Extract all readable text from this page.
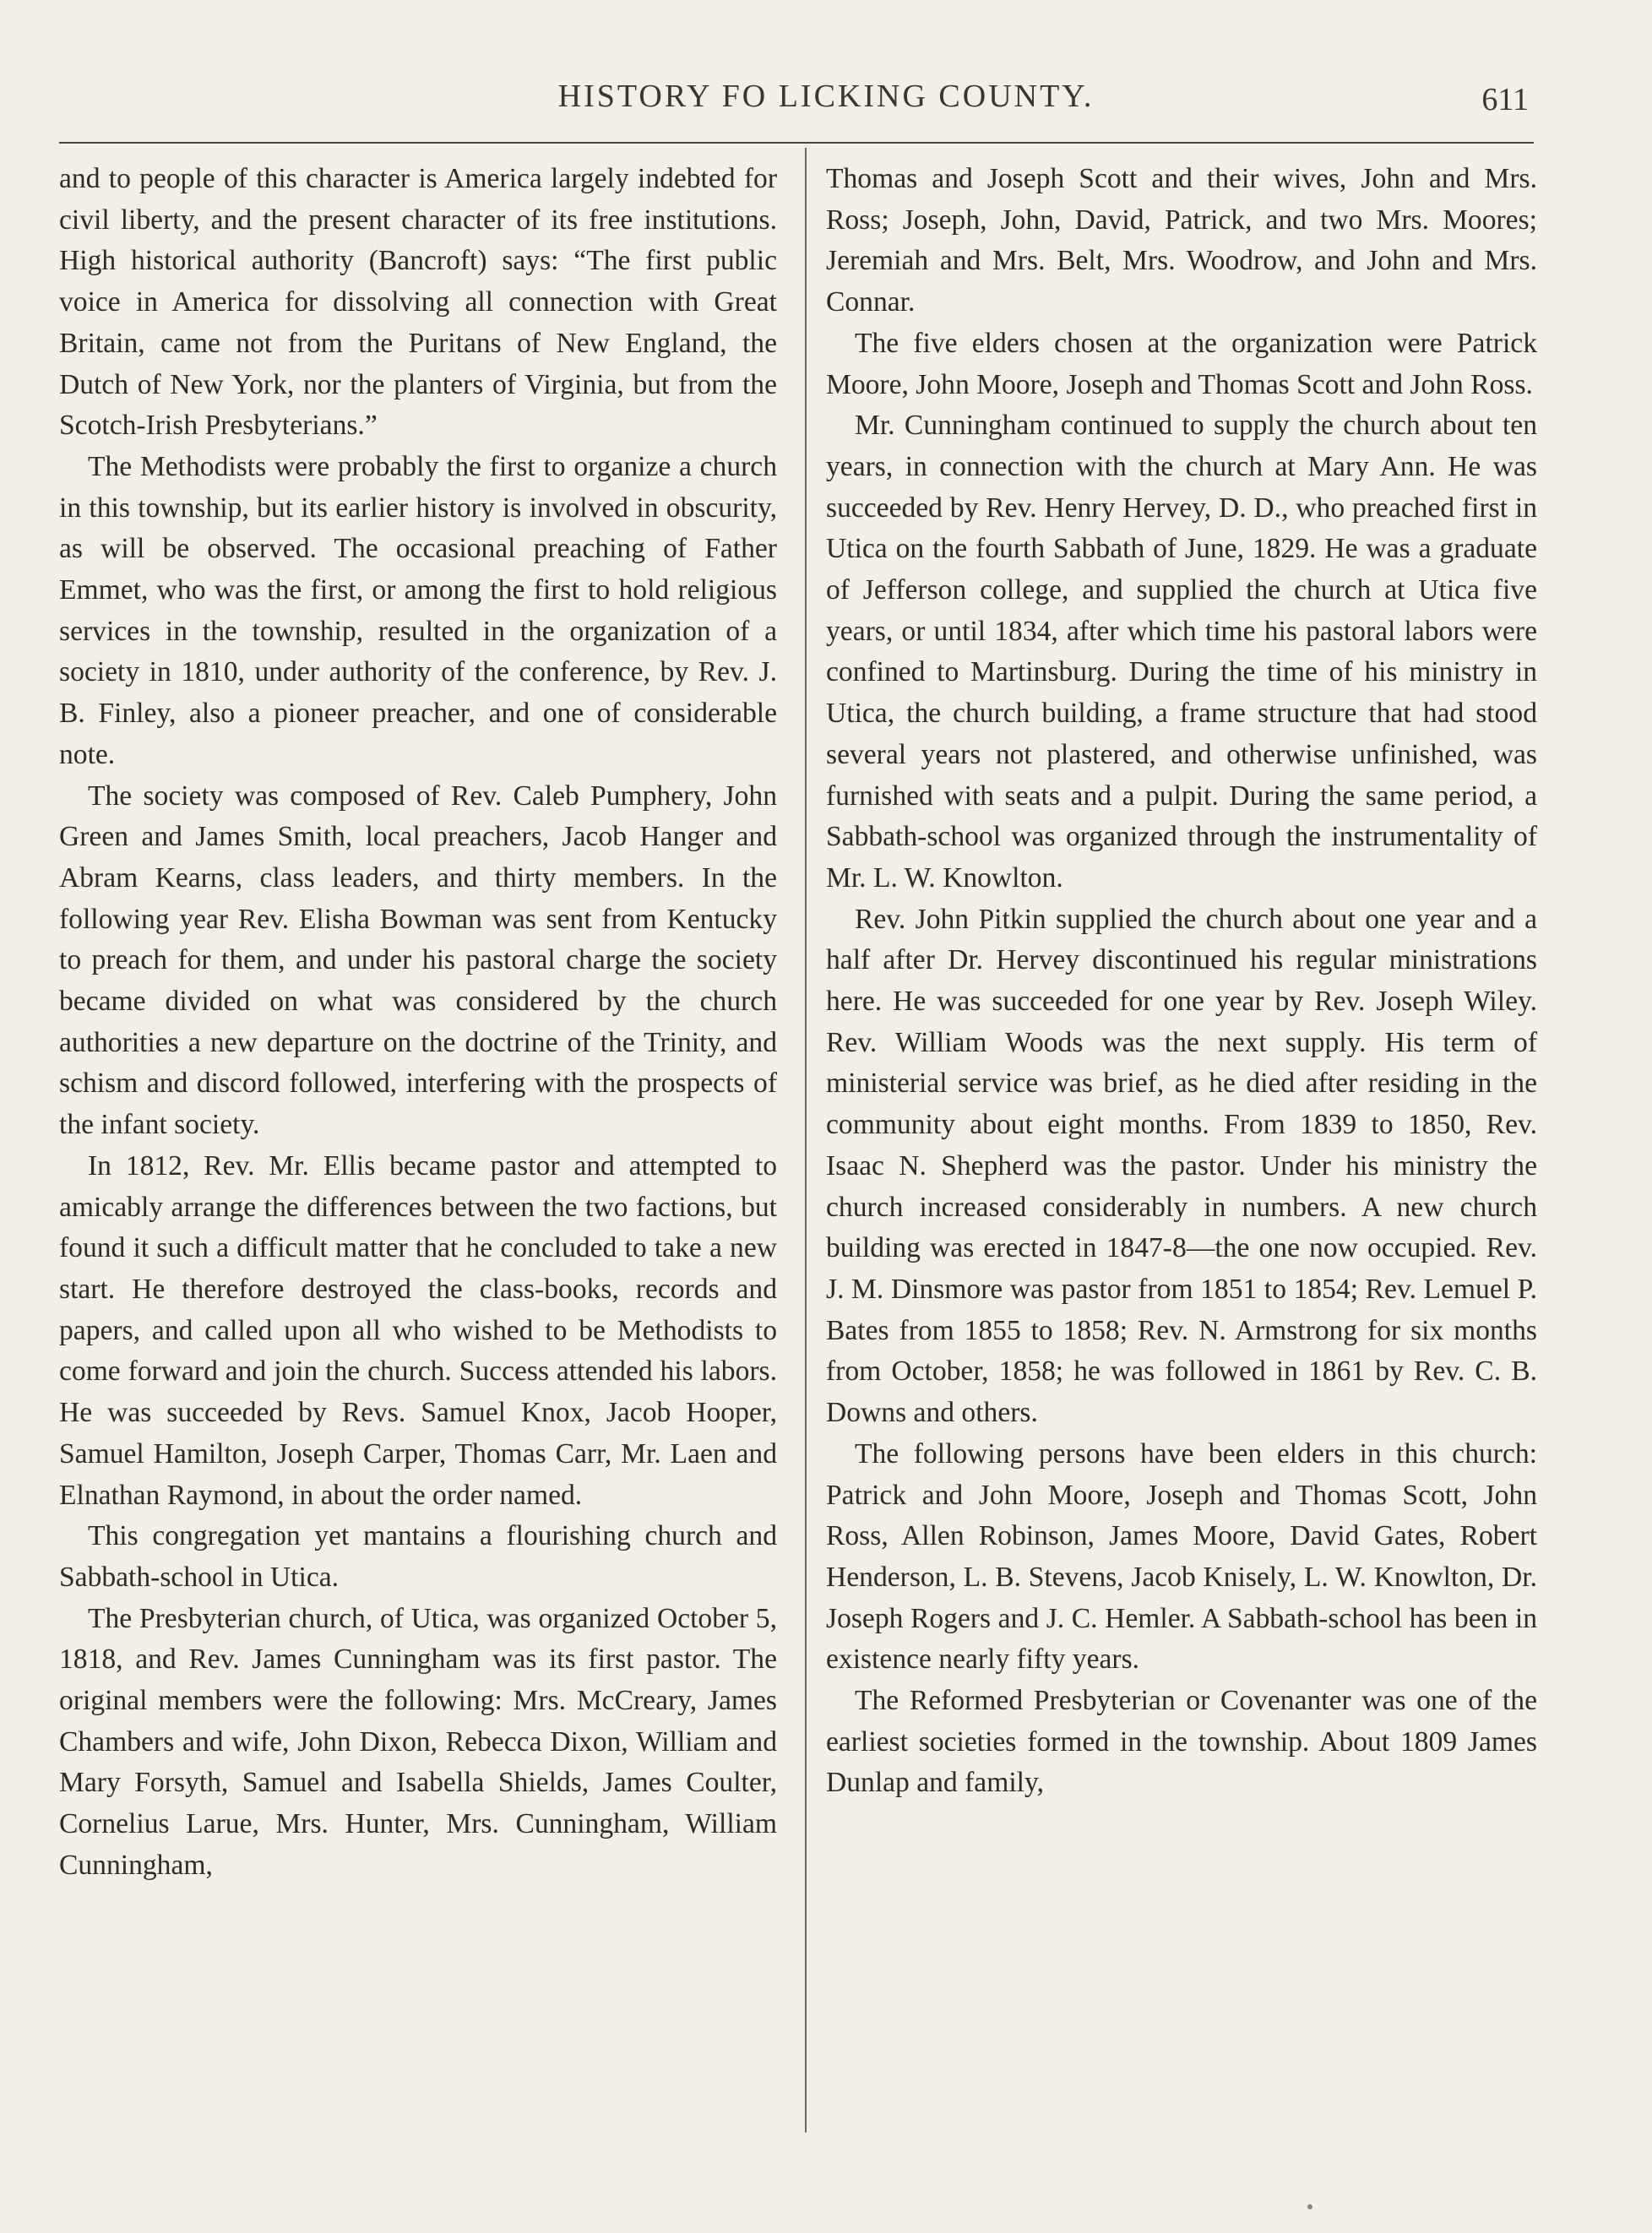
HISTORY FO LICKING COUNTY.	611

and to people of this character is America largely indebted for civil liberty, and the present character of its free institutions. High historical authority (Bancroft) says: “The first public voice in America for dissolving all connection with Great Britain, came not from the Puritans of New England, the Dutch of New York, nor the planters of Virginia, but from the Scotch-Irish Presbyterians.”

The Methodists were probably the first to organize a church in this township, but its earlier history is involved in obscurity, as will be observed. The occasional preaching of Father Emmet, who was the first, or among the first to hold religious services in the township, resulted in the organization of a society in 1810, under authority of the conference, by Rev. J. B. Finley, also a pioneer preacher, and one of considerable note.

The society was composed of Rev. Caleb Pumphery, John Green and James Smith, local preachers, Jacob Hanger and Abram Kearns, class leaders, and thirty members. In the following year Rev. Elisha Bowman was sent from Kentucky to preach for them, and under his pastoral charge the society became divided on what was considered by the church authorities a new departure on the doctrine of the Trinity, and schism and discord followed, interfering with the prospects of the infant society.

In 1812, Rev. Mr. Ellis became pastor and attempted to amicably arrange the differences between the two factions, but found it such a difficult matter that he concluded to take a new start. He therefore destroyed the class-books, records and papers, and called upon all who wished to be Methodists to come forward and join the church. Success attended his labors. He was succeeded by Revs. Samuel Knox, Jacob Hooper, Samuel Hamilton, Joseph Carper, Thomas Carr, Mr. Laen and Elnathan Raymond, in about the order named.

This congregation yet mantains a flourishing church and Sabbath-school in Utica.

The Presbyterian church, of Utica, was organized October 5, 1818, and Rev. James Cunningham was its first pastor. The original members were the following: Mrs. McCreary, James Chambers and wife, John Dixon, Rebecca Dixon, William and Mary Forsyth, Samuel and Isabella Shields, James Coulter, Cornelius Larue, Mrs. Hunter, Mrs. Cunningham, William Cunningham,

Thomas and Joseph Scott and their wives, John and Mrs. Ross; Joseph, John, David, Patrick, and two Mrs. Moores; Jeremiah and Mrs. Belt, Mrs. Woodrow, and John and Mrs. Connar.

The five elders chosen at the organization were Patrick Moore, John Moore, Joseph and Thomas Scott and John Ross.

Mr. Cunningham continued to supply the church about ten years, in connection with the church at Mary Ann. He was succeeded by Rev. Henry Hervey, D. D., who preached first in Utica on the fourth Sabbath of June, 1829. He was a graduate of Jefferson college, and supplied the church at Utica five years, or until 1834, after which time his pastoral labors were confined to Martinsburg. During the time of his ministry in Utica, the church building, a frame structure that had stood several years not plastered, and otherwise unfinished, was furnished with seats and a pulpit. During the same period, a Sabbath-school was organized through the instrumentality of Mr. L. W. Knowlton.

Rev. John Pitkin supplied the church about one year and a half after Dr. Hervey discontinued his regular ministrations here. He was succeeded for one year by Rev. Joseph Wiley. Rev. William Woods was the next supply. His term of ministerial service was brief, as he died after residing in the community about eight months. From 1839 to 1850, Rev. Isaac N. Shepherd was the pastor. Under his ministry the church increased considerably in numbers. A new church building was erected in 1847-8—the one now occupied. Rev. J. M. Dinsmore was pastor from 1851 to 1854; Rev. Lemuel P. Bates from 1855 to 1858; Rev. N. Armstrong for six months from October, 1858; he was followed in 1861 by Rev. C. B. Downs and others.

The following persons have been elders in this church: Patrick and John Moore, Joseph and Thomas Scott, John Ross, Allen Robinson, James Moore, David Gates, Robert Henderson, L. B. Stevens, Jacob Knisely, L. W. Knowlton, Dr. Joseph Rogers and J. C. Hemler. A Sabbath-school has been in existence nearly fifty years.

The Reformed Presbyterian or Covenanter was one of the earliest societies formed in the township. About 1809 James Dunlap and family,
